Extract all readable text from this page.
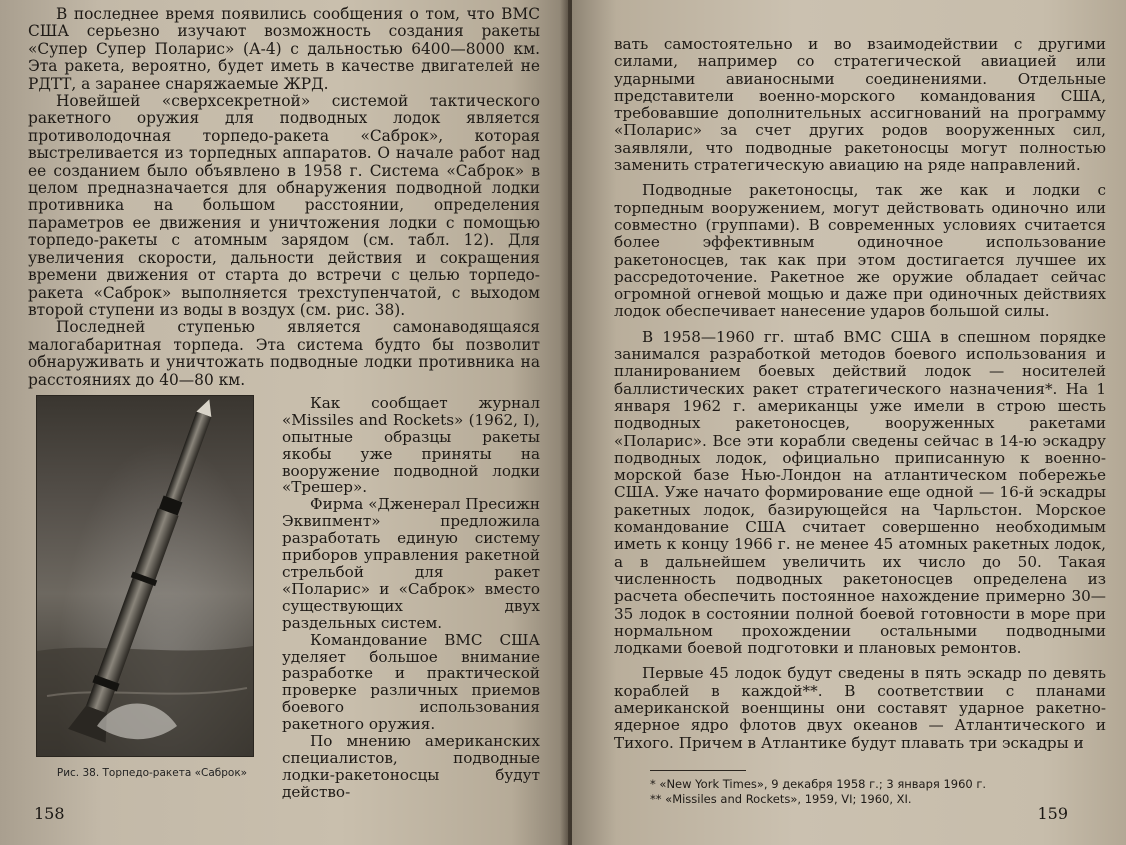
В последнее время появились сообщения о том, что ВМС США серьезно изучают возможность создания ракеты «Супер Супер Поларис» (А-4) с дальностью 6400—8000 км. Эта ракета, вероятно, будет иметь в качестве двигателей не РДТТ, а заранее снаряжаемые ЖРД.

Новейшей «сверхсекретной» системой тактического ракетного оружия для подводных лодок является противолодочная торпедо-ракета «Саброк», которая выстреливается из торпедных аппаратов. О начале работ над ее созданием было объявлено в 1958 г. Система «Саброк» в целом предназначается для обнаружения подводной лодки противника на большом расстоянии, определения параметров ее движения и уничтожения лодки с помощью торпедо-ракеты с атомным зарядом (см. табл. 12). Для увеличения скорости, дальности действия и сокращения времени движения от старта до встречи с целью торпедо-ракета «Саброк» выполняется трехступенчатой, с выходом второй ступени из воды в воздух (см. рис. 38).

Последней ступенью является самонаводящаяся малогабаритная торпеда. Эта система будто бы позволит обнаруживать и уничтожать подводные лодки противника на расстояниях до 40—80 км.

Рис. 38. Торпедо-ракета «Саброк»

Как сообщает журнал «Missiles and Rockets» (1962, I), опытные образцы ракеты якобы уже приняты на вооружение подводной лодки «Трешер».

Фирма «Дженерал Пресижн Эквипмент» предложила разработать единую систему приборов управления ракетной стрельбой для ракет «Поларис» и «Саброк» вместо существующих двух раздельных систем.

Командование ВМС США уделяет большое внимание разработке и практической проверке различных приемов боевого использования ракетного оружия.

По мнению американских специалистов, подводные лодки-ракетоносцы будут действо-

158

вать самостоятельно и во взаимодействии с другими силами, например со стратегической авиацией или ударными авианосными соединениями. Отдельные представители военно-морского командования США, требовавшие дополнительных ассигнований на программу «Поларис» за счет других родов вооруженных сил, заявляли, что подводные ракетоносцы могут полностью заменить стратегическую авиацию на ряде направлений.

Подводные ракетоносцы, так же как и лодки с торпедным вооружением, могут действовать одиночно или совместно (группами). В современных условиях считается более эффективным одиночное использование ракетоносцев, так как при этом достигается лучшее их рассредоточение. Ракетное же оружие обладает сейчас огромной огневой мощью и даже при одиночных действиях лодок обеспечивает нанесение ударов большой силы.

В 1958—1960 гг. штаб ВМС США в спешном порядке занимался разработкой методов боевого использования и планированием боевых действий лодок — носителей баллистических ракет стратегического назначения*. На 1 января 1962 г. американцы уже имели в строю шесть подводных ракетоносцев, вооруженных ракетами «Поларис». Все эти корабли сведены сейчас в 14-ю эскадру подводных лодок, официально приписанную к военно-морской базе Нью-Лондон на атлантическом побережье США. Уже начато формирование еще одной — 16-й эскадры ракетных лодок, базирующейся на Чарльстон. Морское командование США считает совершенно необходимым иметь к концу 1966 г. не менее 45 атомных ракетных лодок, а в дальнейшем увеличить их число до 50. Такая численность подводных ракетоносцев определена из расчета обеспечить постоянное нахождение примерно 30—35 лодок в состоянии полной боевой готовности в море при нормальном прохождении остальными подводными лодками боевой подготовки и плановых ремонтов.

Первые 45 лодок будут сведены в пять эскадр по девять кораблей в каждой**. В соответствии с планами американской военщины они составят ударное ракетно-ядерное ядро флотов двух океанов — Атлантического и Тихого. Причем в Атлантике будут плавать три эскадры и

* «New York Times», 9 декабря 1958 г.; 3 января 1960 г.
** «Missiles and Rockets», 1959, VI; 1960, XI.
159
